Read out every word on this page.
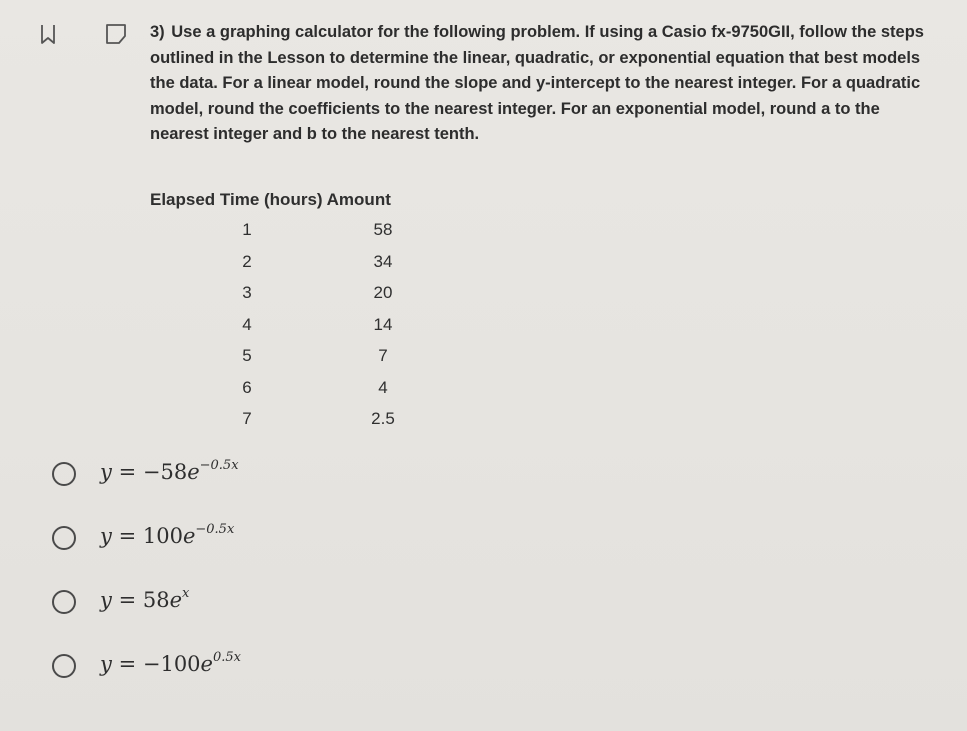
3) Use a graphing calculator for the following problem. If using a Casio fx-9750GII, follow the steps outlined in the Lesson to determine the linear, quadratic, or exponential equation that best models the data. For a linear model, round the slope and y-intercept to the nearest integer. For a quadratic model, round the coefficients to the nearest integer. For an exponential model, round a to the nearest integer and b to the nearest tenth.
Elapsed Time (hours) Amount
1	58
2	34
3	20
4	14
5	7
6	4
7	2.5
$y = -58e^{-0.5x}$
$y = 100e^{-0.5x}$
$y = 58e^x$
$y = -100e^{0.5x}$
